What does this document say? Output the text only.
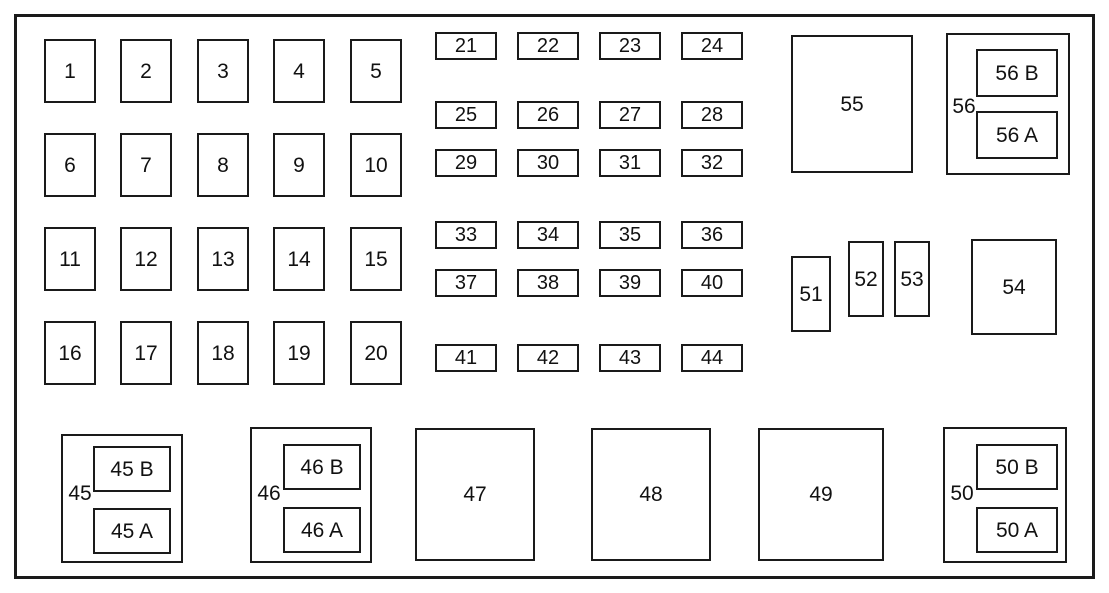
1	2	3	4	5
6	7	8	9	10
11	12	13	14	15
16	17	18	19	20
21	22	23	24
25	26	27	28
29	30	31	32
33	34	35	36
37	38	39	40
41	42	43	44
55
51
52	53	54
47	48	49
56
56 B
56 A
45
45 B
45 A
46
46 B
46 A
50
50 B
50 A
